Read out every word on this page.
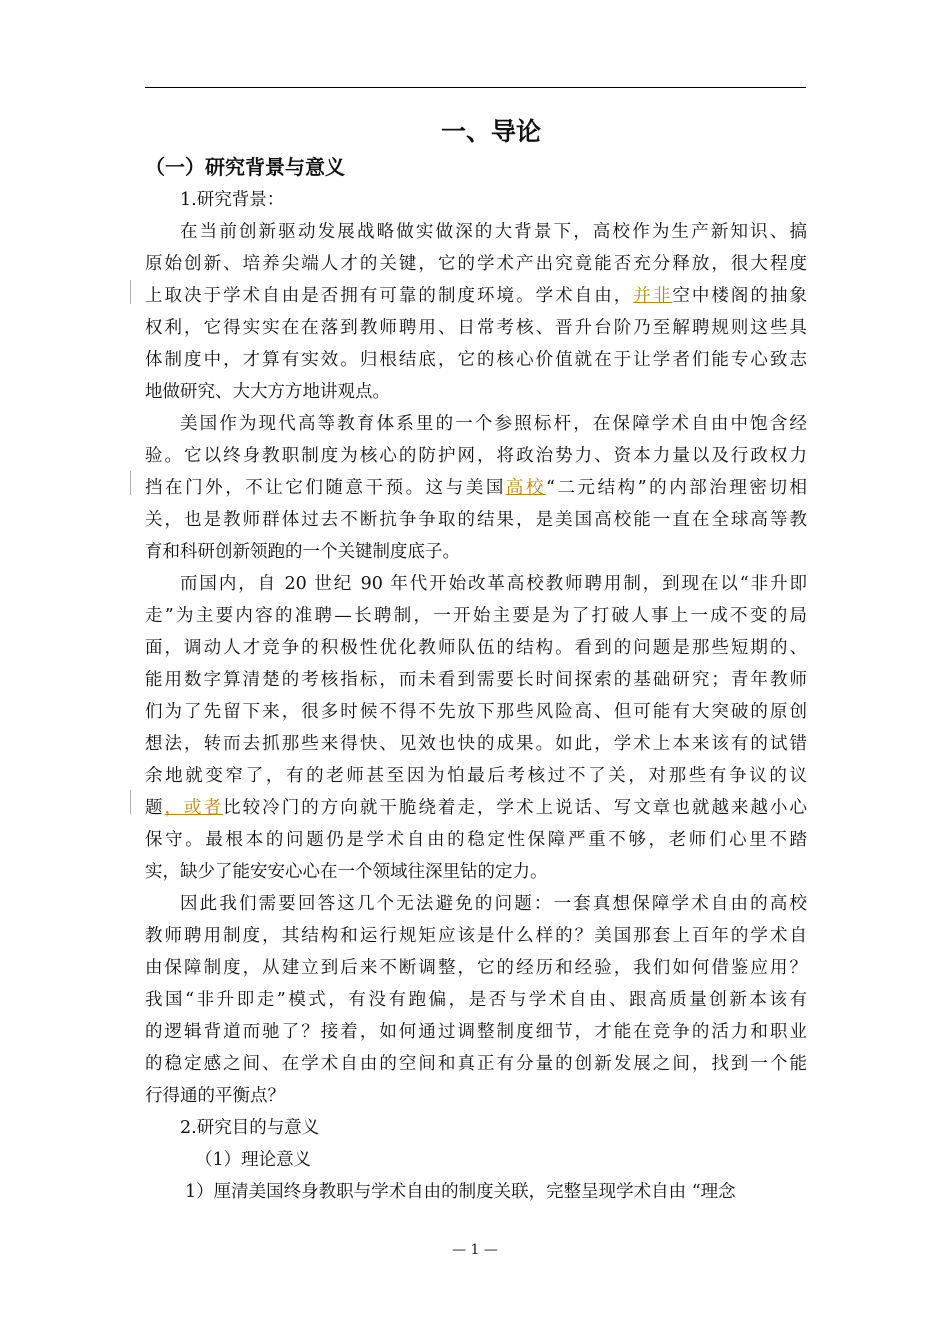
一、导论
（一）研究背景与意义
1.研究背景：
在当前创新驱动发展战略做实做深的大背景下，高校作为生产新知识、搞
原始创新、培养尖端人才的关键，它的学术产出究竟能否充分释放，很大程度
上取决于学术自由是否拥有可靠的制度环境。学术自由，并非空中楼阁的抽象
权利，它得实实在在落到教师聘用、日常考核、晋升台阶乃至解聘规则这些具
体制度中，才算有实效。归根结底，它的核心价值就在于让学者们能专心致志
地做研究、大大方方地讲观点。
美国作为现代高等教育体系里的一个参照标杆，在保障学术自由中饱含经
验。它以终身教职制度为核心的防护网，将政治势力、资本力量以及行政权力
挡在门外，不让它们随意干预。这与美国高校“二元结构”的内部治理密切相
关，也是教师群体过去不断抗争争取的结果，是美国高校能一直在全球高等教
育和科研创新领跑的一个关键制度底子。
而国内，自 20 世纪 90 年代开始改革高校教师聘用制，到现在以“非升即
走”为主要内容的准聘—长聘制，一开始主要是为了打破人事上一成不变的局
面，调动人才竞争的积极性优化教师队伍的结构。看到的问题是那些短期的、
能用数字算清楚的考核指标，而未看到需要长时间探索的基础研究；青年教师
们为了先留下来，很多时候不得不先放下那些风险高、但可能有大突破的原创
想法，转而去抓那些来得快、见效也快的成果。如此，学术上本来该有的试错
余地就变窄了，有的老师甚至因为怕最后考核过不了关，对那些有争议的议
题，或者比较冷门的方向就干脆绕着走，学术上说话、写文章也就越来越小心
保守。最根本的问题仍是学术自由的稳定性保障严重不够，老师们心里不踏
实，缺少了能安安心心在一个领域往深里钻的定力。
因此我们需要回答这几个无法避免的问题：一套真想保障学术自由的高校
教师聘用制度，其结构和运行规矩应该是什么样的？美国那套上百年的学术自
由保障制度，从建立到后来不断调整，它的经历和经验，我们如何借鉴应用？
我国“非升即走”模式，有没有跑偏，是否与学术自由、跟高质量创新本该有
的逻辑背道而驰了？接着，如何通过调整制度细节，才能在竞争的活力和职业
的稳定感之间、在学术自由的空间和真正有分量的创新发展之间，找到一个能
行得通的平衡点？
2.研究目的与意义
（1）理论意义
1）厘清美国终身教职与学术自由的制度关联，完整呈现学术自由 “理念
— 1 —
